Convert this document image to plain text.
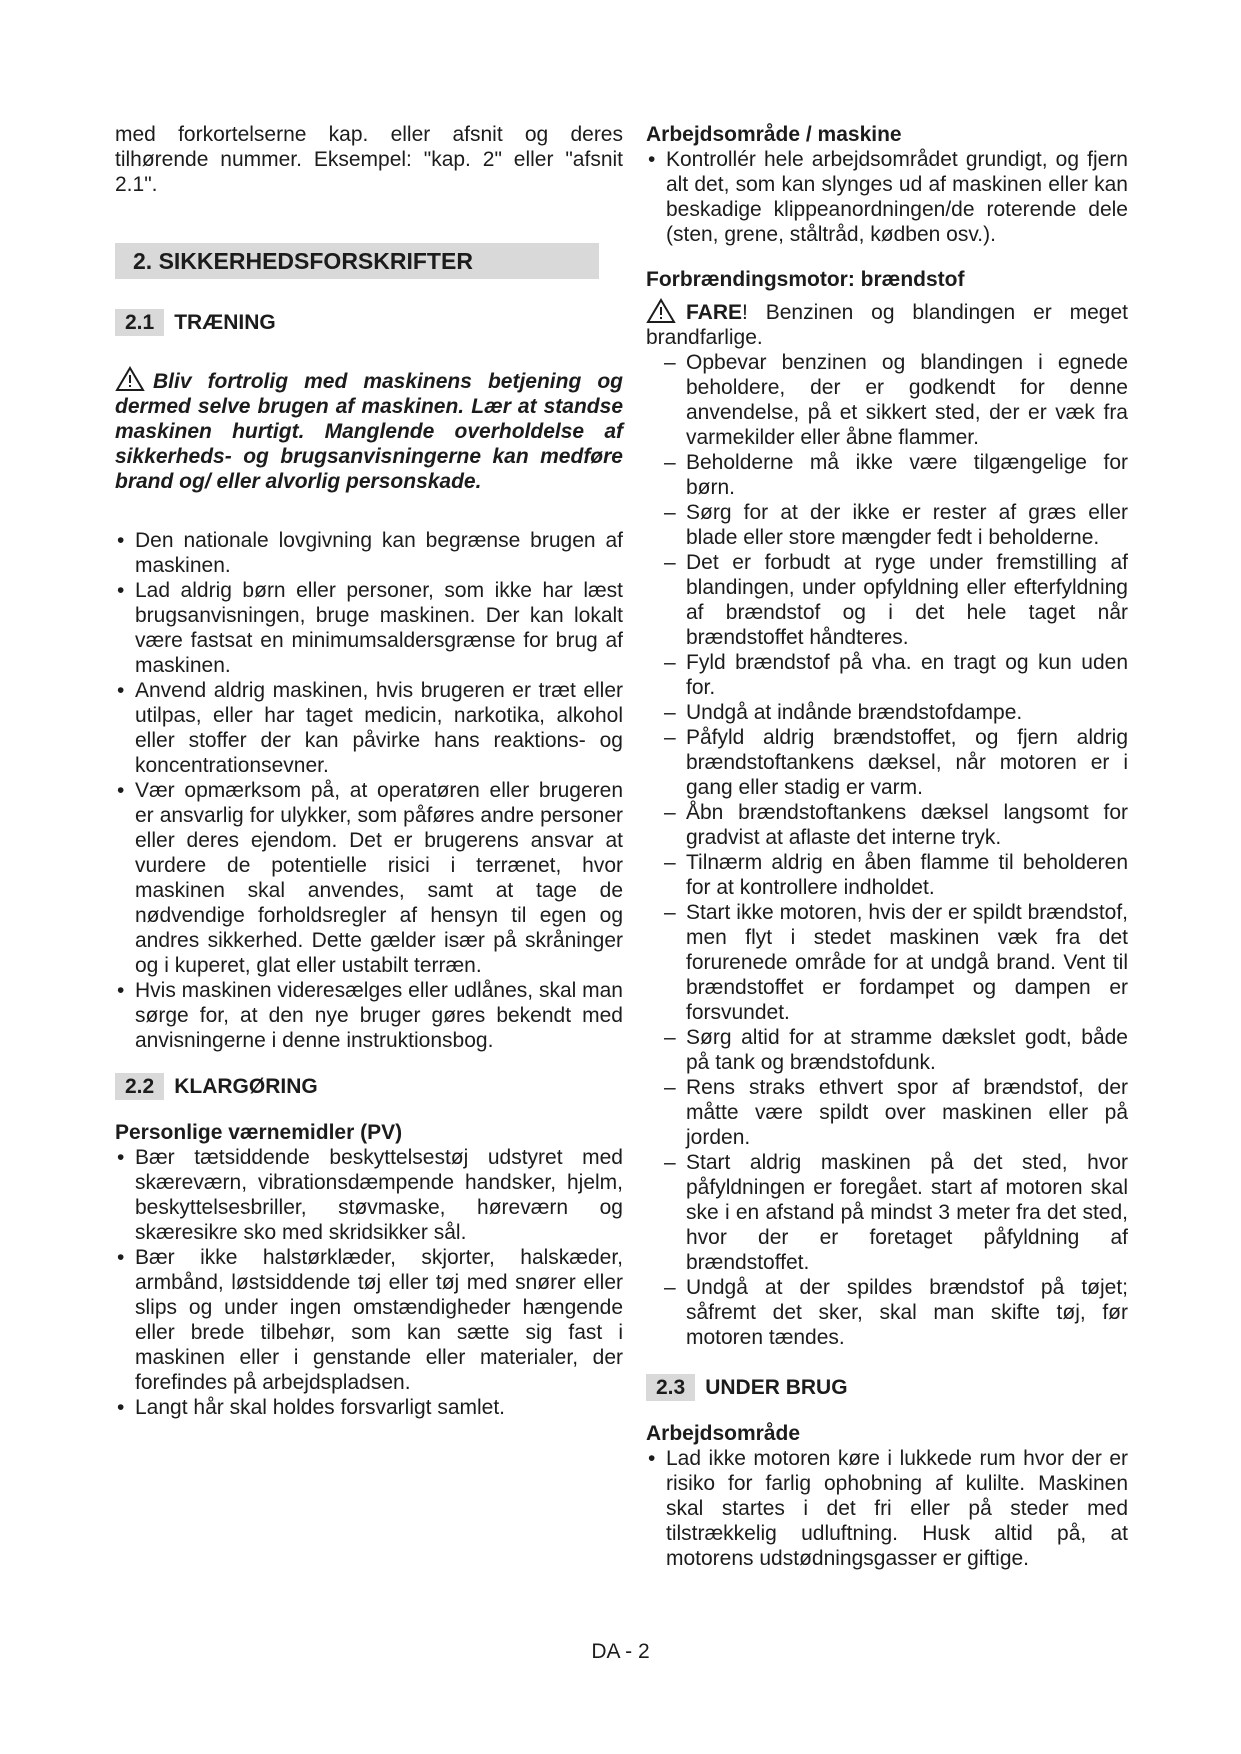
med forkortelserne kap. eller afsnit og deres tilhørende nummer. Eksempel: "kap. 2" eller "afsnit 2.1".

2. SIKKERHEDSFORSKRIFTER
2.1 TRÆNING

Bliv fortrolig med maskinens betjening og dermed selve brugen af maskinen. Lær at standse maskinen hurtigt. Manglende overholdelse af sikkerheds- og brugsanvisningerne kan medføre brand og/ eller alvorlig personskade.

• Den nationale lovgivning kan begrænse brugen af maskinen.
• Lad aldrig børn eller personer, som ikke har læst brugsanvisningen, bruge maskinen. Der kan lokalt være fastsat en minimumsaldersgrænse for brug af maskinen.
• Anvend aldrig maskinen, hvis brugeren er træt eller utilpas, eller har taget medicin, narkotika, alkohol eller stoffer der kan påvirke hans reaktions- og koncentrationsevner.
• Vær opmærksom på, at operatøren eller brugeren er ansvarlig for ulykker, som påføres andre personer eller deres ejendom. Det er brugerens ansvar at vurdere de potentielle risici i terrænet, hvor maskinen skal anvendes, samt at tage de nødvendige forholdsregler af hensyn til egen og andres sikkerhed. Dette gælder især på skråninger og i kuperet, glat eller ustabilt terræn.
• Hvis maskinen videresælges eller udlånes, skal man sørge for, at den nye bruger gøres bekendt med anvisningerne i denne instruktionsbog.
2.2 KLARGØRING

Personlige værnemidler (PV)

• Bær tætsiddende beskyttelsestøj udstyret med skæreværn, vibrationsdæmpende handsker, hjelm, beskyttelsesbriller, støvmaske, høreværn og skæresikre sko med skridsikker sål.
• Bær ikke halstørklæder, skjorter, halskæder, armbånd, løstsiddende tøj eller tøj med snører eller slips og under ingen omstændigheder hængende eller brede tilbehør, som kan sætte sig fast i maskinen eller i genstande eller materialer, der forefindes på arbejdspladsen.
• Langt hår skal holdes forsvarligt samlet.

Arbejdsområde / maskine

• Kontrollér hele arbejdsområdet grundigt, og fjern alt det, som kan slynges ud af maskinen eller kan beskadige klippeanordningen/de roterende dele (sten, grene, ståltråd, kødben osv.).

Forbrændingsmotor: brændstof

FARE! Benzinen og blandingen er meget brandfarlige.

– Opbevar benzinen og blandingen i egnede beholdere, der er godkendt for denne anvendelse, på et sikkert sted, der er væk fra varmekilder eller åbne flammer.
– Beholderne må ikke være tilgængelige for børn.
– Sørg for at der ikke er rester af græs eller blade eller store mængder fedt i beholderne.
– Det er forbudt at ryge under fremstilling af blandingen, under opfyldning eller efterfyldning af brændstof og i det hele taget når brændstoffet håndteres.
– Fyld brændstof på vha. en tragt og kun uden for.
– Undgå at indånde brændstofdampe.
– Påfyld aldrig brændstoffet, og fjern aldrig brændstoftankens dæksel, når motoren er i gang eller stadig er varm.
– Åbn brændstoftankens dæksel langsomt for gradvist at aflaste det interne tryk.
– Tilnærm aldrig en åben flamme til beholderen for at kontrollere indholdet.
– Start ikke motoren, hvis der er spildt brændstof, men flyt i stedet maskinen væk fra det forurenede område for at undgå brand. Vent til brændstoffet er fordampet og dampen er forsvundet.
– Sørg altid for at stramme dækslet godt, både på tank og brændstofdunk.
– Rens straks ethvert spor af brændstof, der måtte være spildt over maskinen eller på jorden.
– Start aldrig maskinen på det sted, hvor påfyldningen er foregået. start af motoren skal ske i en afstand på mindst 3 meter fra det sted, hvor der er foretaget påfyldning af brændstoffet.
– Undgå at der spildes brændstof på tøjet; såfremt det sker, skal man skifte tøj, før motoren tændes.
2.3 UNDER BRUG

Arbejdsområde

• Lad ikke motoren køre i lukkede rum hvor der er risiko for farlig ophobning af kulilte. Maskinen skal startes i det fri eller på steder med tilstrækkelig udluftning. Husk altid på, at motorens udstødningsgasser er giftige.
DA - 2
